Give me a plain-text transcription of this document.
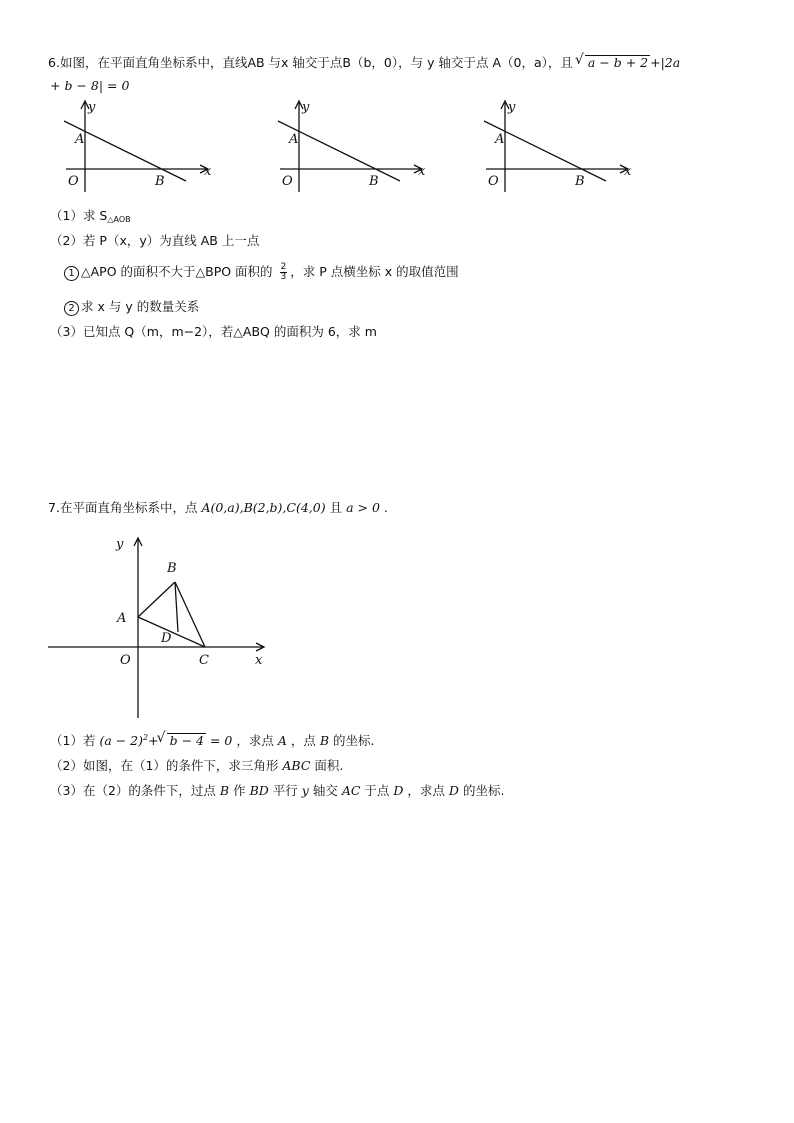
6.如图，在平面直角坐标系中，直线AB 与x 轴交于点B（b，0），与 y 轴交于点 A（0，a），且 √ a − b + 2 +|2a
+ b − 8| = 0
y
A
O	B
x
y
A
O	B
x
y
A
O	B
x
（1）求 $S_{\triangle AOB}$
（2）若 P（x，y）为直线 AB 上一点
1 △APO 的面积不大于△BPO 面积的 $\frac{2}{3}$ ，求 P 点横坐标 x 的取值范围
2 求 x 与 y 的数量关系
（3）已知点 Q（m，m−2），若△ABQ 的面积为 6，求 m
7.在平面直角坐标系中，点 A(0,a),B(2,b),C(4,0) 且 a > 0 .
y
B
A
D
O	C	x
（1）若 $(a - 2)^2+√$ b − 4 = 0 ，求点 A ，点 B 的坐标.
（2）如图，在（1）的条件下，求三角形 ABC 面积.
（3）在（2）的条件下，过点 B 作 BD 平行 y 轴交 AC 于点 D ，求点 D 的坐标.
